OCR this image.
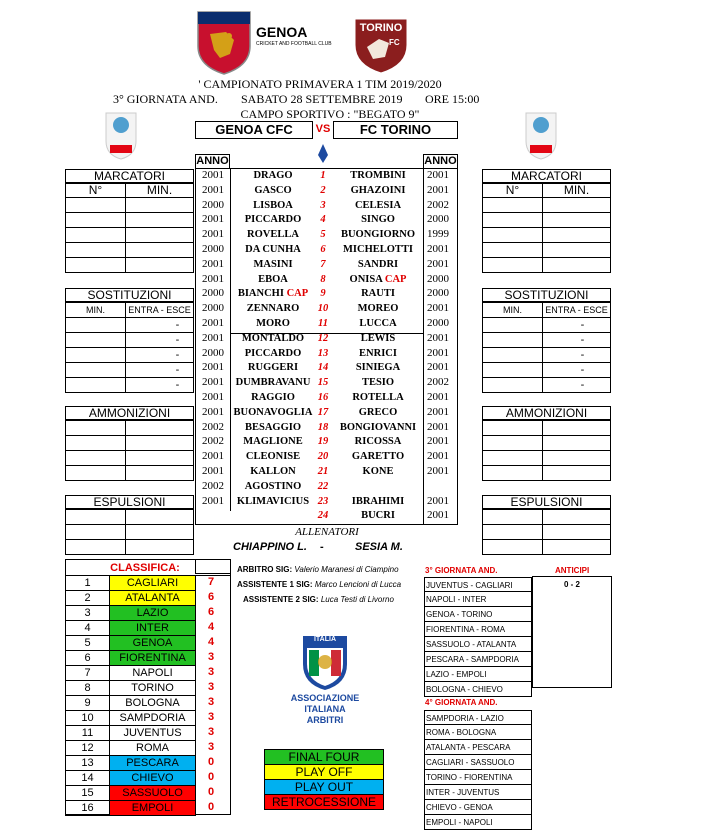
GENOA
CRICKET AND FOOTBALL CLUB
TORINO
FC
' CAMPIONATO PRIMAVERA 1 TIM 2019/2020
3° GIORNATA AND. SABATO 28 SETTEMBRE 2019 ORE 15:00
CAMPO SPORTIVO : "BEGATO 9"
GENOA CFC	VS	FC TORINO
ANNO	ANNO
2001	DRAGO	1	TROMBINI	2001
2001	GASCO	2	GHAZOINI	2001
2000	LISBOA	3	CELESIA	2002
2001	PICCARDO	4	SINGO	2000
2001	ROVELLA	5	BUONGIORNO	1999
2000	DA CUNHA	6	MICHELOTTI	2001
2001	MASINI	7	SANDRI	2001
2001	EBOA	8	ONISA CAP	2000
2000	BIANCHI CAP	9	RAUTI	2000
2000	ZENNARO	10	MOREO	2001
2001	MORO	11	LUCCA	2000
2001	MONTALDO	12	LEWIS	2001
2000	PICCARDO	13	ENRICI	2001
2001	RUGGERI	14	SINIEGA	2001
2001	DUMBRAVANU 15	TESIO	2002
2001	RAGGIO	16	ROTELLA	2001
2001 BUONAVOGLIA 17	GRECO	2001
2002	BESAGGIO	18	BONGIOVANNI 2001
2002	MAGLIONE	19	RICOSSA	2001
2001	CLEONISE	20	GARETTO	2001
2001	KALLON	21	KONE	2001
2002	AGOSTINO	22
2001	KLIMAVICIUS 23	IBRAHIMI	2001
24	BUCRI	2001
ALLENATORI
CHIAPPINO L. -	SESIA M.
MARCATORI
N°	MIN.
SOSTITUZIONI
MIN.	ENTRA - ESCE
-
-
-
-
-
AMMONIZIONI
ESPULSIONI
MARCATORI
N°	MIN.
SOSTITUZIONI
MIN.	ENTRA - ESCE
-
-
-
-
-
AMMONIZIONI
ESPULSIONI
CLASSIFICA:
1	CAGLIARI	7
2	ATALANTA	6
3	LAZIO	6
4	INTER	4
5	GENOA	4
6	FIORENTINA	3
7	NAPOLI	3
8	TORINO	3
9	BOLOGNA	3
10	SAMPDORIA	3
11	JUVENTUS	3
12	ROMA	3
13	PESCARA	0
14	CHIEVO	0
15	SASSUOLO	0
16	EMPOLI	0
ARBITRO SIG: Valerio Maranesi di Ciampino
ASSISTENTE 1 SIG: Marco Lencioni di Lucca
ASSISTENTE 2 SIG: Luca Testi di Livorno
ITALIA
ASSOCIAZIONE
ITALIANA
ARBITRI
FINAL FOUR
PLAY OFF
PLAY OUT
RETROCESSIONE
3° GIORNATA AND.	ANTICIPI
0 - 2
JUVENTUS - CAGLIARI
NAPOLI - INTER
GENOA - TORINO
FIORENTINA - ROMA
SASSUOLO - ATALANTA
PESCARA - SAMPDORIA
LAZIO - EMPOLI
BOLOGNA - CHIEVO
4° GIORNATA AND.
SAMPDORIA - LAZIO
ROMA - BOLOGNA
ATALANTA - PESCARA
CAGLIARI - SASSUOLO
TORINO - FIORENTINA
INTER - JUVENTUS
CHIEVO - GENOA
EMPOLI - NAPOLI
